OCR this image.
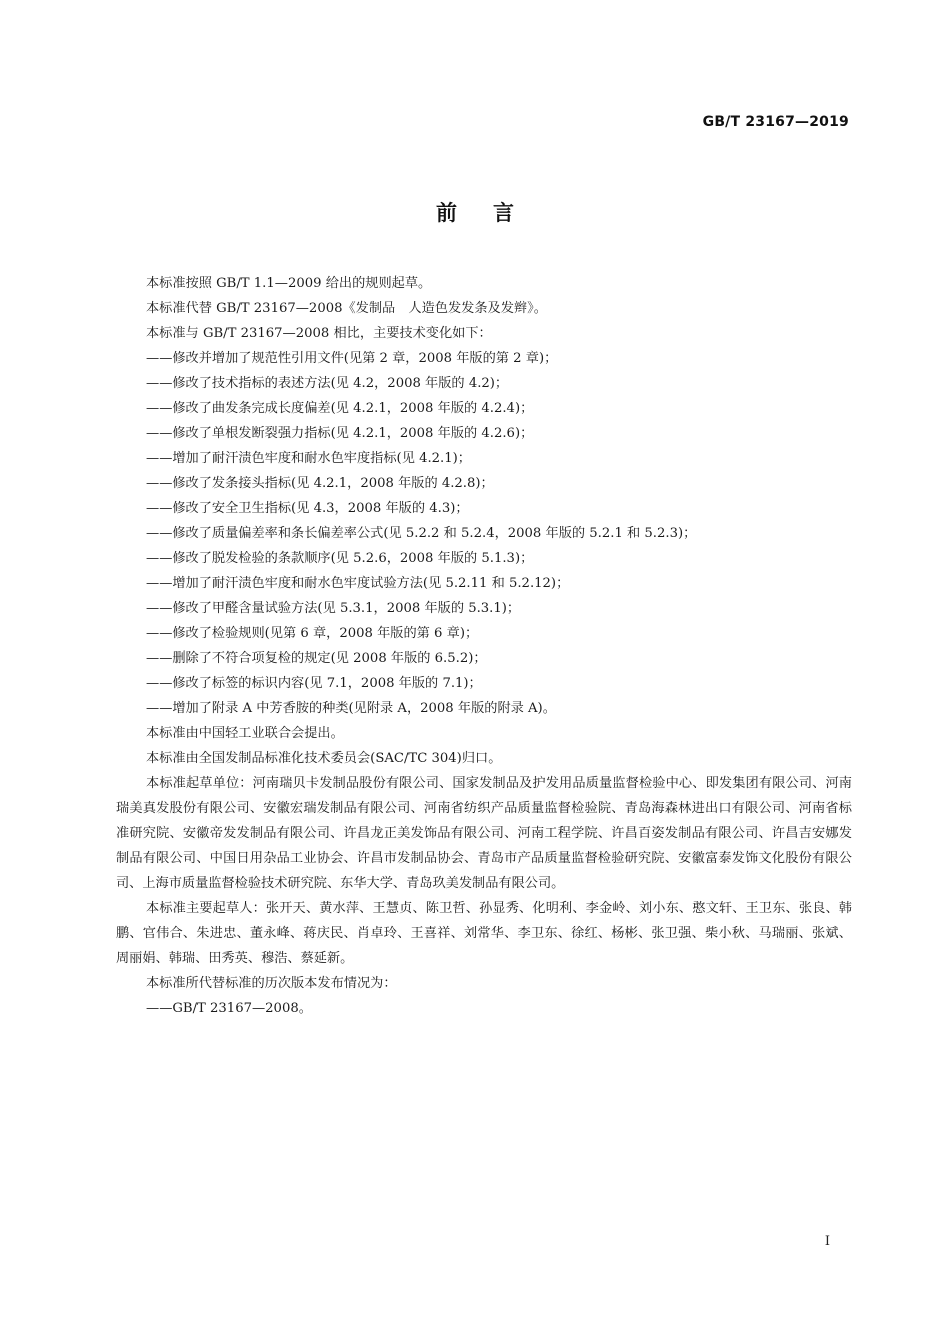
GB/T 23167—2019
前言

本标准按照 GB/T 1.1—2009 给出的规则起草。

本标准代替 GB/T 23167—2008《发制品　人造色发发条及发辫》。

本标准与 GB/T 23167—2008 相比，主要技术变化如下：

——修改并增加了规范性引用文件(见第 2 章，2008 年版的第 2 章)；

——修改了技术指标的表述方法(见 4.2，2008 年版的 4.2)；

——修改了曲发条完成长度偏差(见 4.2.1，2008 年版的 4.2.4)；

——修改了单根发断裂强力指标(见 4.2.1，2008 年版的 4.2.6)；

——增加了耐汗渍色牢度和耐水色牢度指标(见 4.2.1)；

——修改了发条接头指标(见 4.2.1，2008 年版的 4.2.8)；

——修改了安全卫生指标(见 4.3，2008 年版的 4.3)；

——修改了质量偏差率和条长偏差率公式(见 5.2.2 和 5.2.4，2008 年版的 5.2.1 和 5.2.3)；

——修改了脱发检验的条款顺序(见 5.2.6，2008 年版的 5.1.3)；

——增加了耐汗渍色牢度和耐水色牢度试验方法(见 5.2.11 和 5.2.12)；

——修改了甲醛含量试验方法(见 5.3.1，2008 年版的 5.3.1)；

——修改了检验规则(见第 6 章，2008 年版的第 6 章)；

——删除了不符合项复检的规定(见 2008 年版的 6.5.2)；

——修改了标签的标识内容(见 7.1，2008 年版的 7.1)；

——增加了附录 A 中芳香胺的种类(见附录 A，2008 年版的附录 A)。

本标准由中国轻工业联合会提出。

本标准由全国发制品标准化技术委员会(SAC/TC 304)归口。

本标准起草单位：河南瑞贝卡发制品股份有限公司、国家发制品及护发用品质量监督检验中心、即发集团有限公司、河南瑞美真发股份有限公司、安徽宏瑞发制品有限公司、河南省纺织产品质量监督检验院、青岛海森林进出口有限公司、河南省标准研究院、安徽帝发发制品有限公司、许昌龙正美发饰品有限公司、河南工程学院、许昌百姿发制品有限公司、许昌吉安娜发制品有限公司、中国日用杂品工业协会、许昌市发制品协会、青岛市产品质量监督检验研究院、安徽富泰发饰文化股份有限公司、上海市质量监督检验技术研究院、东华大学、青岛玖美发制品有限公司。

本标准主要起草人：张开天、黄水萍、王慧贞、陈卫哲、孙显秀、化明利、李金岭、刘小东、憨文轩、王卫东、张良、韩鹏、官伟合、朱进忠、董永峰、蒋庆民、肖卓玲、王喜祥、刘常华、李卫东、徐红、杨彬、张卫强、柴小秋、马瑞丽、张斌、周丽娟、韩瑞、田秀英、穆浩、蔡延新。

本标准所代替标准的历次版本发布情况为：

——GB/T 23167—2008。

I
